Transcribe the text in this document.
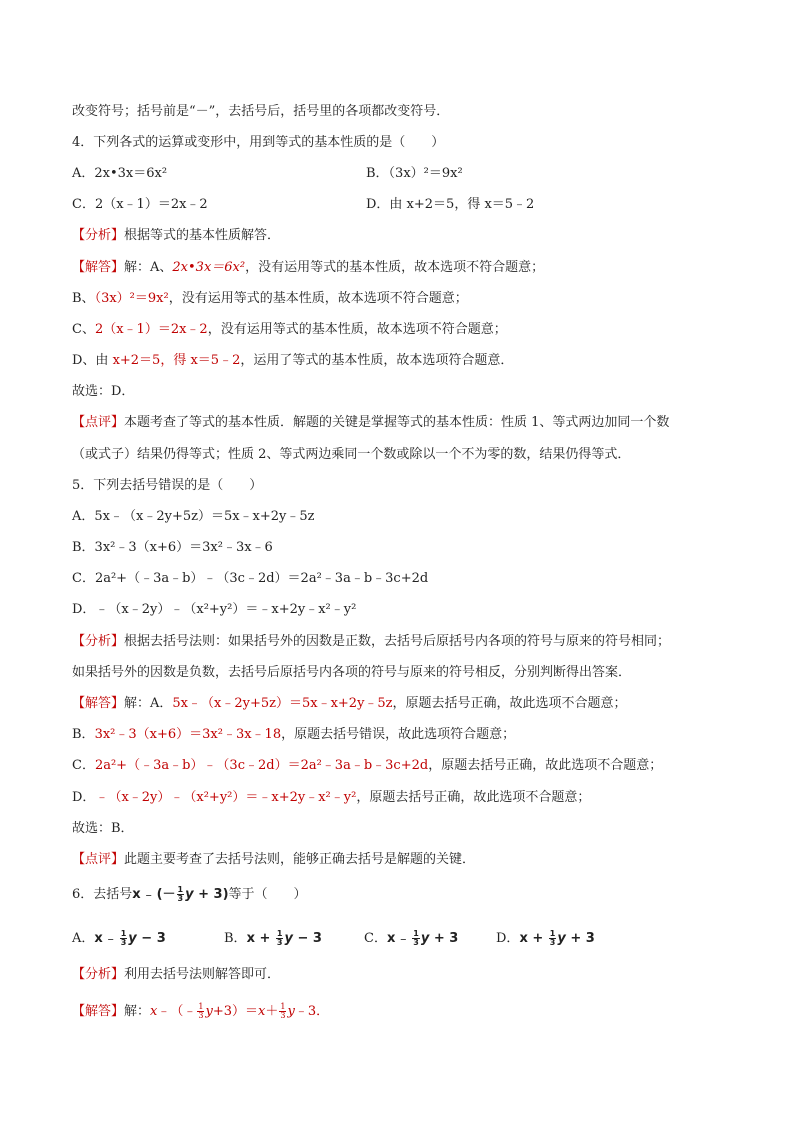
改变符号；括号前是“－”，去括号后，括号里的各项都改变符号．
4．下列各式的运算或变形中，用到等式的基本性质的是（　　）
A．2x•3x＝6x²	B．（3x）²＝9x²
C．2（x﹣1）＝2x﹣2	D．由 x+2＝5，得 x＝5﹣2
【分析】根据等式的基本性质解答．
【解答】解：A、2x•3x＝6x²，没有运用等式的基本性质，故本选项不符合题意；
B、（3x）²＝9x²，没有运用等式的基本性质，故本选项不符合题意；
C、2（x﹣1）＝2x﹣2，没有运用等式的基本性质，故本选项不符合题意；
D、由 x+2＝5，得 x＝5﹣2，运用了等式的基本性质，故本选项符合题意．
故选：D．
【点评】本题考查了等式的基本性质．解题的关键是掌握等式的基本性质：性质 1、等式两边加同一个数
（或式子）结果仍得等式；性质 2、等式两边乘同一个数或除以一个不为零的数，结果仍得等式．
5．下列去括号错误的是（　　）
A．5x﹣（x﹣2y+5z）＝5x﹣x+2y﹣5z
B．3x²﹣3（x+6）＝3x²﹣3x﹣6
C．2a²+（﹣3a﹣b）﹣（3c﹣2d）＝2a²﹣3a﹣b﹣3c+2d
D．﹣（x﹣2y）﹣（x²+y²）＝﹣x+2y﹣x²﹣y²
【分析】根据去括号法则：如果括号外的因数是正数，去括号后原括号内各项的符号与原来的符号相同；
如果括号外的因数是负数，去括号后原括号内各项的符号与原来的符号相反，分别判断得出答案．
【解答】解：A．5x﹣（x﹣2y+5z）＝5x﹣x+2y﹣5z，原题去括号正确，故此选项不合题意；
B．3x²﹣3（x+6）＝3x²﹣3x﹣18，原题去括号错误，故此选项符合题意；
C．2a²+（﹣3a﹣b）﹣（3c﹣2d）＝2a²﹣3a﹣b﹣3c+2d，原题去括号正确，故此选项不合题意；
D．﹣（x﹣2y）﹣（x²+y²）＝﹣x+2y﹣x²﹣y²，原题去括号正确，故此选项不合题意；
故选：B．
【点评】此题主要考查了去括号法则，能够正确去括号是解题的关键．
6．去括号x ₋ (－ $\frac{1}{3}$ y + 3)等于（　　）
A．x ₋ $\frac{1}{3}$ y − 3	B．$x + \frac{1}{3}$ y − 3	C．x ₋ $\frac{1}{3}$ y + 3	D．$x + \frac{1}{3}$ y + 3
【分析】利用去括号法则解答即可．
【解答】解：x﹣（﹣ $\frac{1}{3} y+3)=x+ \frac{1}{3}$ y﹣3．
